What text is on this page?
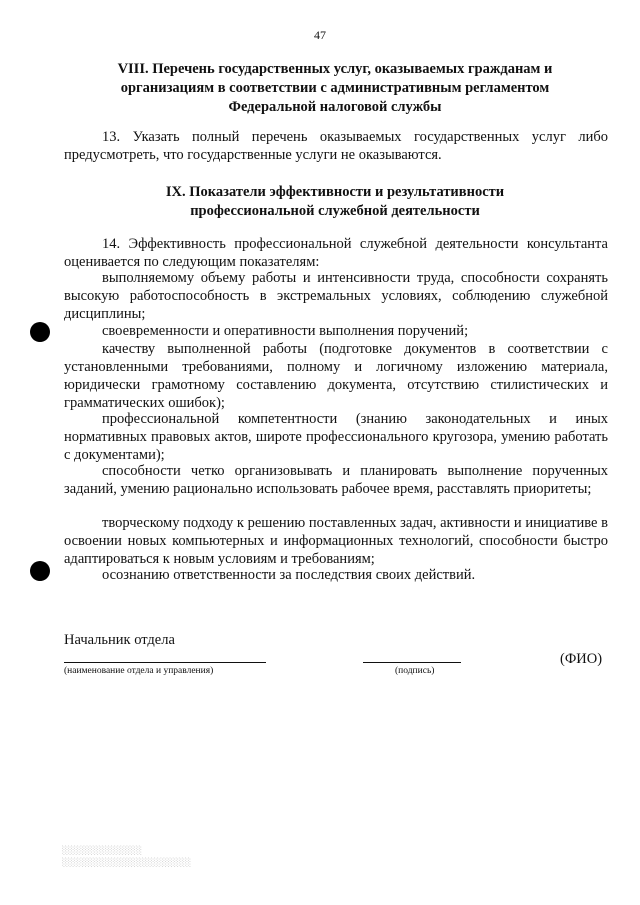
47
VIII. Перечень государственных услуг, оказываемых гражданам и
организациям в соответствии с административным регламентом
Федеральной налоговой службы

13. Указать полный перечень оказываемых государственных услуг либо предусмотреть, что государственные услуги не оказываются.

IX. Показатели эффективности и результативности
профессиональной служебной деятельности

14. Эффективность профессиональной служебной деятельности консультанта оценивается по следующим показателям:

выполняемому объему работы и интенсивности труда, способности сохранять высокую работоспособность в экстремальных условиях, соблюдению служебной дисциплины;

своевременности и оперативности выполнения поручений;

качеству выполненной работы (подготовке документов в соответствии с установленными требованиями, полному и логичному изложению материала, юридически грамотному составлению документа, отсутствию стилистических и грамматических ошибок);

профессиональной компетентности (знанию законодательных и иных нормативных правовых актов, широте профессионального кругозора, умению работать с документами);

способности четко организовывать и планировать выполнение порученных заданий, умению рационально использовать рабочее время, расставлять приоритеты;

творческому подходу к решению поставленных задач, активности и инициативе в освоении новых компьютерных и информационных технологий, способности быстро адаптироваться к новым условиям и требованиям;

осознанию ответственности за последствия своих действий.

Начальник отдела
(наименование отдела и управления)	(подпись)
(ФИО)
░░░░░░░░░░░░░
░░░░░░░░░░░░░░░░░░░░░
